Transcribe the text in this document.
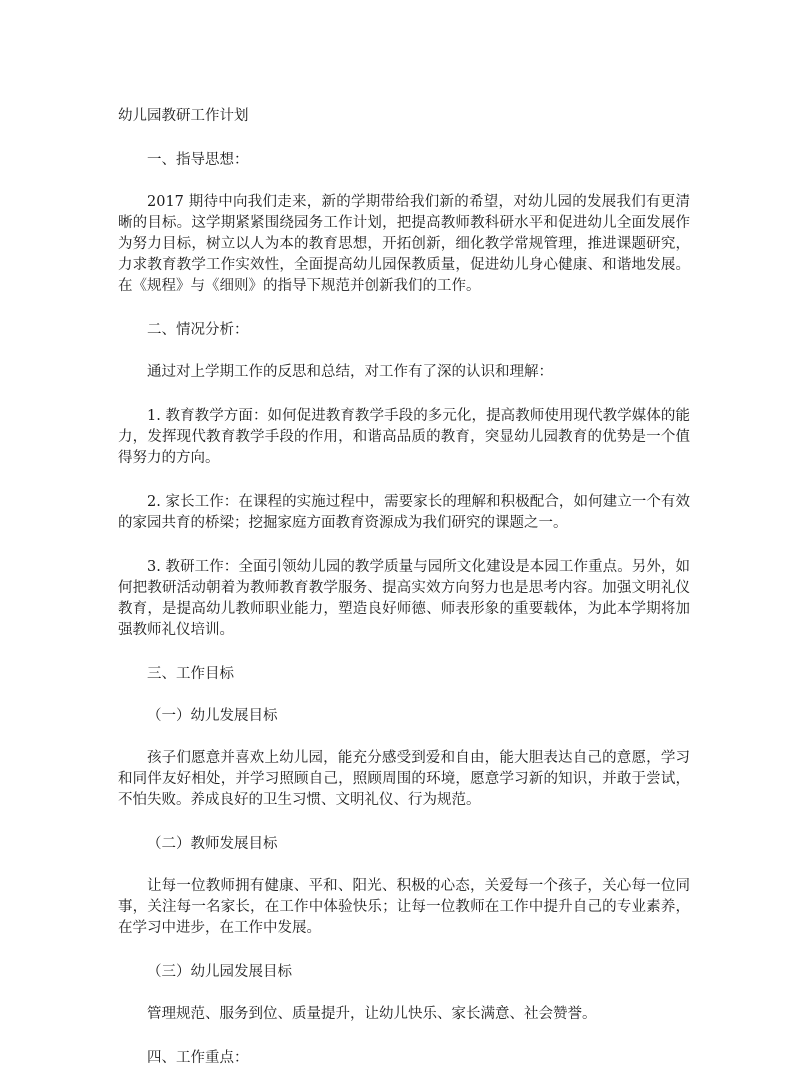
幼儿园教研工作计划

一、指导思想：

2017 期待中向我们走来，新的学期带给我们新的希望，对幼儿园的发展我们有更清晰的目标。这学期紧紧围绕园务工作计划，把提高教师教科研水平和促进幼儿全面发展作为努力目标，树立以人为本的教育思想，开拓创新，细化教学常规管理，推进课题研究，力求教育教学工作实效性，全面提高幼儿园保教质量，促进幼儿身心健康、和谐地发展。在《规程》与《细则》的指导下规范并创新我们的工作。

二、情况分析：

通过对上学期工作的反思和总结，对工作有了深的认识和理解：

1. 教育教学方面：如何促进教育教学手段的多元化，提高教师使用现代教学媒体的能力，发挥现代教育教学手段的作用，和谐高品质的教育，突显幼儿园教育的优势是一个值得努力的方向。

2. 家长工作：在课程的实施过程中，需要家长的理解和积极配合，如何建立一个有效的家园共育的桥梁；挖掘家庭方面教育资源成为我们研究的课题之一。

3. 教研工作：全面引领幼儿园的教学质量与园所文化建设是本园工作重点。另外，如何把教研活动朝着为教师教育教学服务、提高实效方向努力也是思考内容。加强文明礼仪教育，是提高幼儿教师职业能力，塑造良好师德、师表形象的重要载体，为此本学期将加强教师礼仪培训。

三、工作目标

（一）幼儿发展目标

孩子们愿意并喜欢上幼儿园，能充分感受到爱和自由，能大胆表达自己的意愿，学习和同伴友好相处，并学习照顾自己，照顾周围的环境，愿意学习新的知识，并敢于尝试，不怕失败。养成良好的卫生习惯、文明礼仪、行为规范。

（二）教师发展目标

让每一位教师拥有健康、平和、阳光、积极的心态，关爱每一个孩子，关心每一位同事，关注每一名家长，在工作中体验快乐；让每一位教师在工作中提升自己的专业素养，在学习中进步，在工作中发展。

（三）幼儿园发展目标

管理规范、服务到位、质量提升，让幼儿快乐、家长满意、社会赞誉。

四、工作重点：
